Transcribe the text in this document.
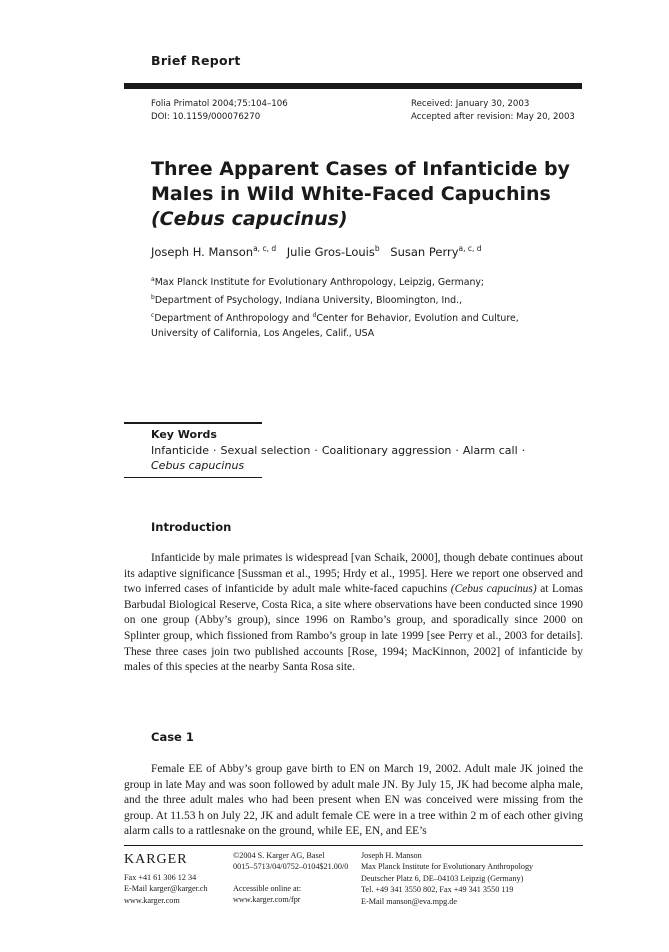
Brief Report
Folia Primatol 2004;75:104–106
DOI: 10.1159/000076270
Received: January 30, 2003
Accepted after revision: May 20, 2003
Three Apparent Cases of Infanticide by
Males in Wild White-Faced Capuchins
(Cebus capucinus)
Joseph H. Manson$^{a, c, d}$ Julie Gros-Louis$^b$ Susan Perry$^{a, c, d}$
$^a$Max Planck Institute for Evolutionary Anthropology, Leipzig, Germany;
$^b$Department of Psychology, Indiana University, Bloomington, Ind.,
$^c$Department of Anthropology and $^d$Center for Behavior, Evolution and Culture,
University of California, Los Angeles, Calif., USA
Key Words
Infanticide · Sexual selection · Coalitionary aggression · Alarm call ·
Cebus capucinus
Introduction

Infanticide by male primates is widespread [van Schaik, 2000], though debate continues about its adaptive significance [Sussman et al., 1995; Hrdy et al., 1995]. Here we report one observed and two inferred cases of infanticide by adult male white-faced capuchins (Cebus capucinus) at Lomas Barbudal Biological Reserve, Costa Rica, a site where observations have been conducted since 1990 on one group (Abby’s group), since 1996 on Rambo’s group, and sporadically since 2000 on Splinter group, which fissioned from Rambo’s group in late 1999 [see Perry et al., 2003 for details]. These three cases join two published accounts [Rose, 1994; MacKinnon, 2002] of infanticide by males of this species at the nearby Santa Rosa site.

Case 1

Female EE of Abby’s group gave birth to EN on March 19, 2002. Adult male JK joined the group in late May and was soon followed by adult male JN. By July 15, JK had become alpha male, and the three adult males who had been present when EN was conceived were missing from the group. At 11.53 h on July 22, JK and adult female CE were in a tree within 2 m of each other giving alarm calls to a rattlesnake on the ground, while EE, EN, and EE’s

KARGER
Fax +41 61 306 12 34
E-Mail karger@karger.ch
www.karger.com
©2004 S. Karger AG, Basel
0015–5713/04/0752–0104$21.00/0
Accessible online at:
www.karger.com/fpr
Joseph H. Manson
Max Planck Institute for Evolutionary Anthropology
Deutscher Platz 6, DE–04103 Leipzig (Germany)
Tel. +49 341 3550 802, Fax +49 341 3550 119
E-Mail manson@eva.mpg.de
